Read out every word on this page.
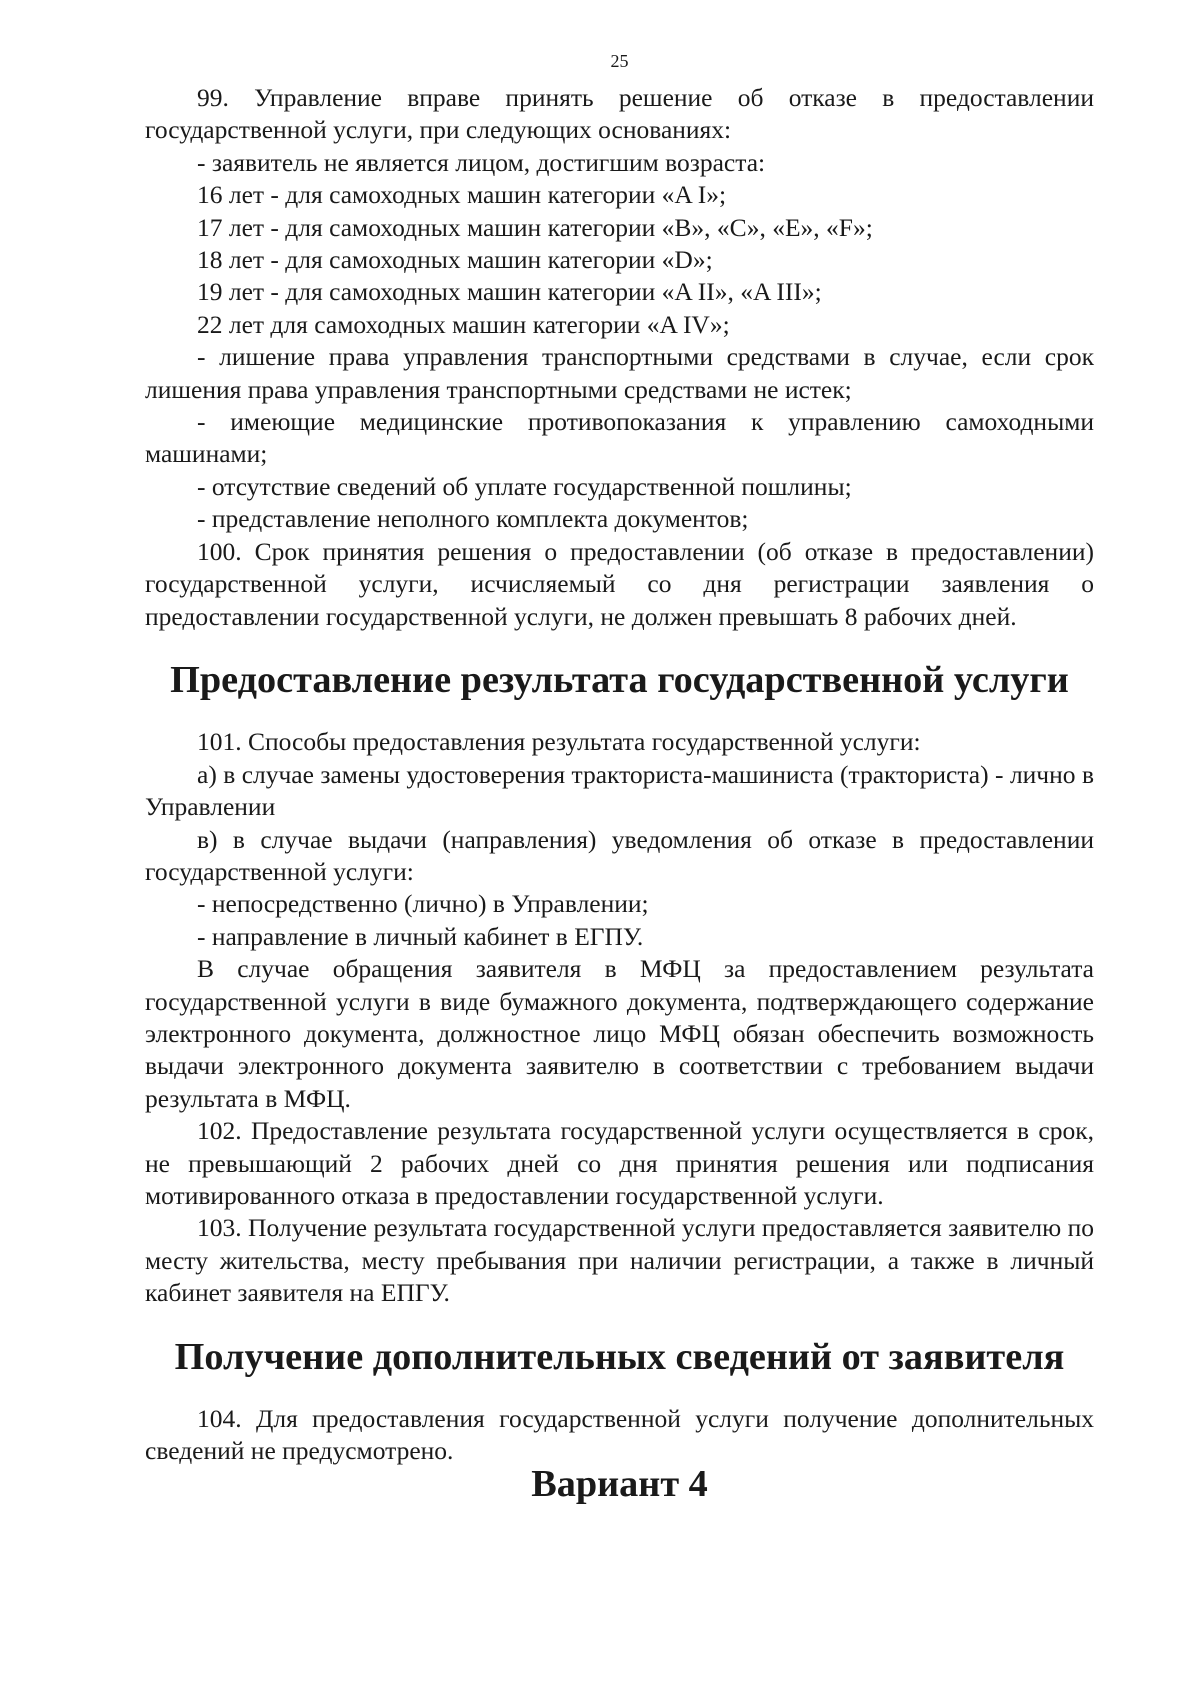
25

99. Управление вправе принять решение об отказе в предоставлении государственной услуги, при следующих основаниях:

- заявитель не является лицом, достигшим возраста:

16 лет - для самоходных машин категории «A I»;

17 лет - для самоходных машин категории «B», «C», «E», «F»;

18 лет - для самоходных машин категории «D»;

19 лет - для самоходных машин категории «A II», «A III»;

22 лет для самоходных машин категории «A IV»;

- лишение права управления транспортными средствами в случае, если срок лишения права управления транспортными средствами не истек;

- имеющие медицинские противопоказания к управлению самоходными машинами;

- отсутствие сведений об уплате государственной пошлины;

- представление неполного комплекта документов;

100. Срок принятия решения о предоставлении (об отказе в предоставлении) государственной услуги, исчисляемый со дня регистрации заявления о предоставлении государственной услуги, не должен превышать 8 рабочих дней.

Предоставление результата государственной услуги

101. Способы предоставления результата государственной услуги:

а) в случае замены удостоверения тракториста-машиниста (тракториста) - лично в Управлении

в) в случае выдачи (направления) уведомления об отказе в предоставлении государственной услуги:

- непосредственно (лично) в Управлении;

- направление в личный кабинет в ЕГПУ.

В случае обращения заявителя в МФЦ за предоставлением результата государственной услуги в виде бумажного документа, подтверждающего содержание электронного документа, должностное лицо МФЦ обязан обеспечить возможность выдачи электронного документа заявителю в соответствии с требованием выдачи результата в МФЦ.

102. Предоставление результата государственной услуги осуществляется в срок, не превышающий 2 рабочих дней со дня принятия решения или подписания мотивированного отказа в предоставлении государственной услуги.

103. Получение результата государственной услуги предоставляется заявителю по месту жительства, месту пребывания при наличии регистрации, а также в личный кабинет заявителя на ЕПГУ.

Получение дополнительных сведений от заявителя

104. Для предоставления государственной услуги получение дополнительных сведений не предусмотрено.

Вариант 4
